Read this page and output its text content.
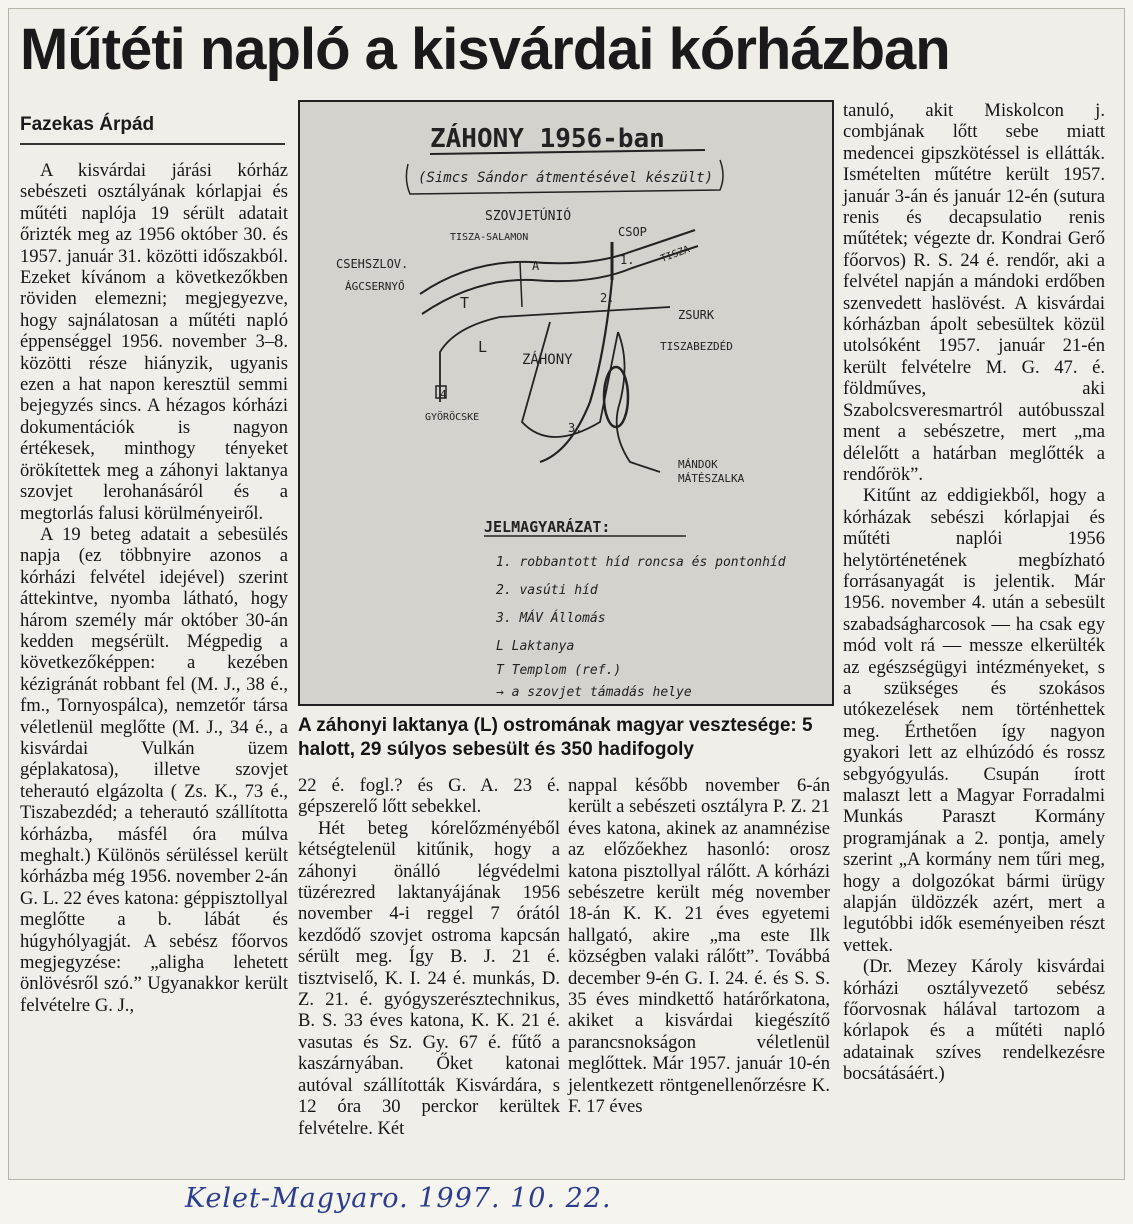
Műtéti napló a kisvárdai kórházban
Fazekas Árpád

A kisvárdai járási kórház sebészeti osztályának kórlapjai és műtéti naplója 19 sérült adatait őrizték meg az 1956 október 30. és 1957. január 31. közötti időszakból. Ezeket kívánom a következőkben röviden elemezni; megjegyezve, hogy sajnálatosan a műtéti napló éppenséggel 1956. november 3–8. közötti része hiányzik, ugyanis ezen a hat napon keresztül semmi bejegyzés sincs. A hézagos kórházi dokumentációk is nagyon értékesek, minthogy tényeket örökítettek meg a záhonyi laktanya szovjet lerohanásáról és a megtorlás falusi körülményeiről.

A 19 beteg adatait a sebesülés napja (ez többnyire azonos a kórházi felvétel idejével) szerint áttekintve, nyomba látható, hogy három személy már október 30-án kedden megsérült. Mégpedig a következőképpen: a kezében kézigránát robbant fel (M. J., 38 é., fm., Tornyospálca), nemzetőr társa véletlenül meglőtte (M. J., 34 é., a kisvárdai Vulkán üzem géplakatosa), illetve szovjet teherautó elgázolta ( Zs. K., 73 é., Tiszabezdéd; a teherautó szállította kórházba, másfél óra múlva meghalt.) Különös sérüléssel került kórházba még 1956. november 2-án G. L. 22 éves katona: géppisztollyal meglőtte a b. lábát és húgyhólyagját. A sebész főorvos megjegyzése: „aligha lehetett önlövésről szó.” Ugyanakkor került felvételre G. J.,

ZÁHONY 1956-ban
(Simcs Sándor átmentésével készült)
SZOVJETÚNIÓ
TISZA-SALAMON	CSOP
CSEHSZLOV.
ÁGCSERNYŐ
TISZA
ZSURK
TISZABEZDÉD
ZÁHONY
GYÖRÖCSKE
MÁNDOK
MÁTÉSZALKA
A	1.
2.
3.
4
L
T
JELMAGYARÁZAT:
1. robbantott híd roncsa és pontonhíd
2. vasúti híd
3. MÁV Állomás
L Laktanya
T Templom (ref.)
→ a szovjet támadás helye
A záhonyi laktanya (L) ostromának magyar vesztesége: 5 halott, 29 súlyos sebesült és 350 hadifogoly

22 é. fogl.? és G. A. 23 é. gépszerelő lőtt sebekkel.

Hét beteg kórelőzményéből kétségtelenül kitűnik, hogy a záhonyi önálló légvédelmi tüzérezred laktanyájának 1956 november 4-i reggel 7 órától kezdődő szovjet ostroma kapcsán sérült meg. Így B. J. 21 é. tisztviselő, K. I. 24 é. munkás, D. Z. 21. é. gyógyszerésztechnikus, B. S. 33 éves katona, K. K. 21 é. vasutas és Sz. Gy. 67 é. fűtő a kaszárnyában. Őket katonai autóval szállították Kisvárdára, s 12 óra 30 perckor kerültek felvételre. Két

nappal később november 6-án került a sebészeti osztályra P. Z. 21 éves katona, akinek az anamnézise az előzőekhez hasonló: orosz katona pisztollyal rálőtt. A kórházi sebészetre került még november 18-án K. K. 21 éves egyetemi hallgató, akire „ma este Ilk községben valaki rálőtt”. Továbbá december 9-én G. I. 24. é. és S. S. 35 éves mindkettő határőrkatona, akiket a kisvárdai kiegészítő parancsnokságon véletlenül meglőttek. Már 1957. január 10-én jelentkezett röntgenellenőrzésre K. F. 17 éves

tanuló, akit Miskolcon j. combjának lőtt sebe miatt medencei gipszkötéssel is ellátták. Ismételten műtétre került 1957. január 3-án és január 12-én (sutura renis és decapsulatio renis műtétek; végezte dr. Kondrai Gerő főorvos) R. S. 24 é. rendőr, aki a felvétel napján a mándoki erdőben szenvedett haslövést. A kisvárdai kórházban ápolt sebesültek közül utolsóként 1957. január 21-én került felvételre M. G. 47. é. földműves, aki Szabolcsveresmartról autóbusszal ment a sebészetre, mert „ma délelőtt a határban meglőtték a rendőrök”.

Kitűnt az eddigiekből, hogy a kórházak sebészi kórlapjai és műtéti naplói 1956 helytörténetének megbízható forrásanyagát is jelentik. Már 1956. november 4. után a sebesült szabadságharcosok — ha csak egy mód volt rá — messze elkerülték az egészségügyi intézményeket, s a szükséges és szokásos utókezelések nem történhettek meg. Érthetően így nagyon gyakori lett az elhúzódó és rossz sebgyógyulás. Csupán írott malaszt lett a Magyar Forradalmi Munkás Paraszt Kormány programjának a 2. pontja, amely szerint „A kormány nem tűri meg, hogy a dolgozókat bármi ürügy alapján üldözzék azért, mert a legutóbbi idők eseményeiben részt vettek.

(Dr. Mezey Károly kisvárdai kórházi osztályvezető sebész főorvosnak hálával tartozom a kórlapok és a műtéti napló adatainak szíves rendelkezésre bocsátásáért.)

Kelet-Magyaro. 1997. 10. 22.
